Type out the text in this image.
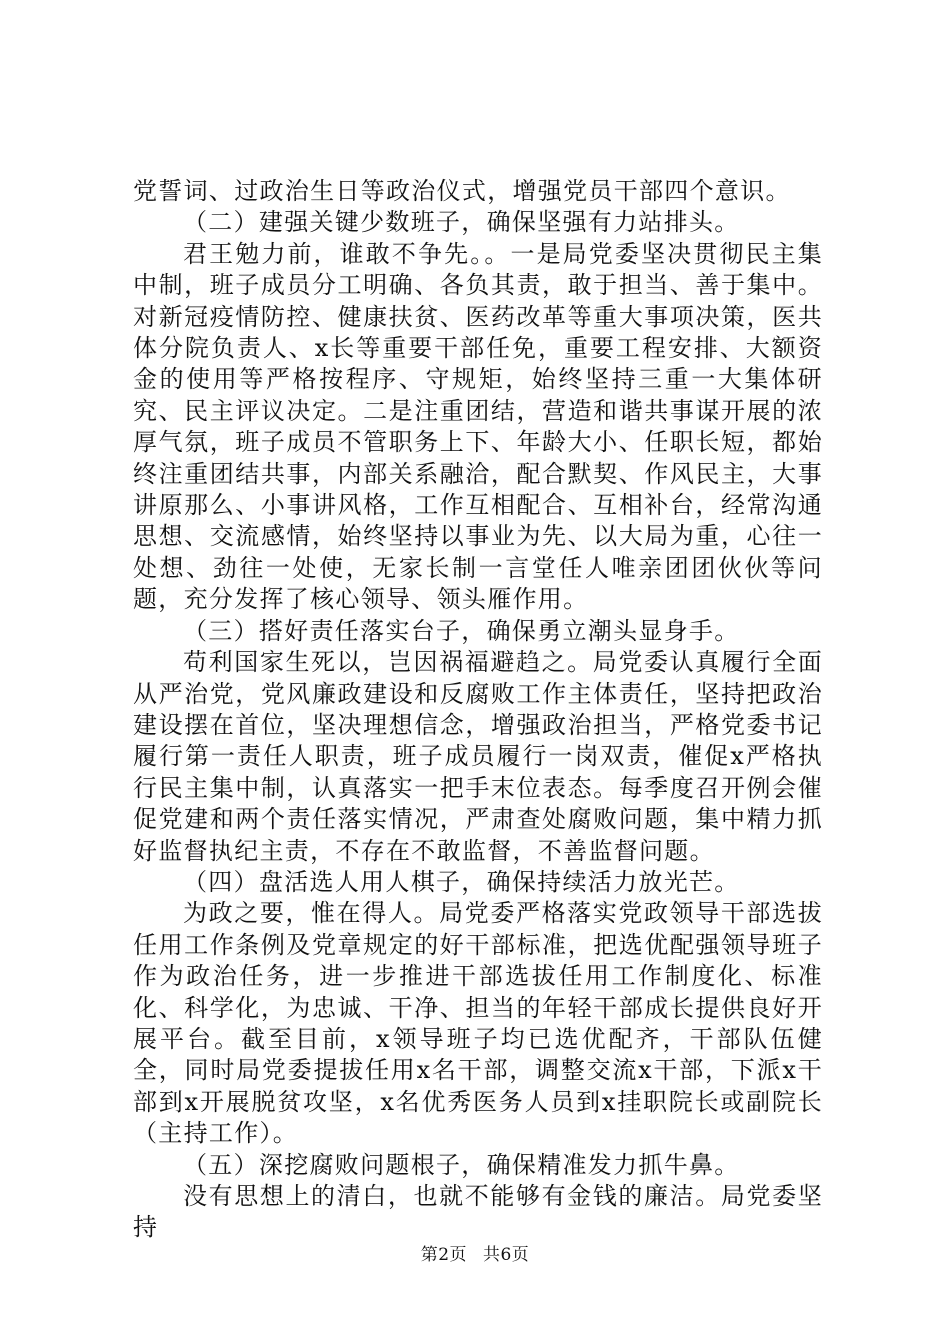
党誓词、过政治生日等政治仪式，增强党员干部四个意识。

（二）建强关键少数班子，确保坚强有力站排头。

君王勉力前，谁敢不争先。。一是局党委坚决贯彻民主集中制，班子成员分工明确、各负其责，敢于担当、善于集中。对新冠疫情防控、健康扶贫、医药改革等重大事项决策，医共体分院负责人、x长等重要干部任免，重要工程安排、大额资金的使用等严格按程序、守规矩，始终坚持三重一大集体研究、民主评议决定。二是注重团结，营造和谐共事谋开展的浓厚气氛，班子成员不管职务上下、年龄大小、任职长短，都始终注重团结共事，内部关系融洽，配合默契、作风民主，大事讲原那么、小事讲风格，工作互相配合、互相补台，经常沟通思想、交流感情，始终坚持以事业为先、以大局为重，心往一处想、劲往一处使，无家长制一言堂任人唯亲团团伙伙等问题，充分发挥了核心领导、领头雁作用。

（三）搭好责任落实台子，确保勇立潮头显身手。

苟利国家生死以，岂因祸福避趋之。局党委认真履行全面从严治党，党风廉政建设和反腐败工作主体责任，坚持把政治建设摆在首位，坚决理想信念，增强政治担当，严格党委书记履行第一责任人职责，班子成员履行一岗双责，催促x严格执行民主集中制，认真落实一把手末位表态。每季度召开例会催促党建和两个责任落实情况，严肃查处腐败问题，集中精力抓好监督执纪主责，不存在不敢监督，不善监督问题。

（四）盘活选人用人棋子，确保持续活力放光芒。

为政之要，惟在得人。局党委严格落实党政领导干部选拔任用工作条例及党章规定的好干部标准，把选优配强领导班子作为政治任务，进一步推进干部选拔任用工作制度化、标准化、科学化，为忠诚、干净、担当的年轻干部成长提供良好开展平台。截至目前，x领导班子均已选优配齐，干部队伍健全，同时局党委提拔任用x名干部，调整交流x干部，下派x干部到x开展脱贫攻坚，x名优秀医务人员到x挂职院长或副院长（主持工作）。

（五）深挖腐败问题根子，确保精准发力抓牛鼻。

没有思想上的清白，也就不能够有金钱的廉洁。局党委坚持

第2页 共6页
